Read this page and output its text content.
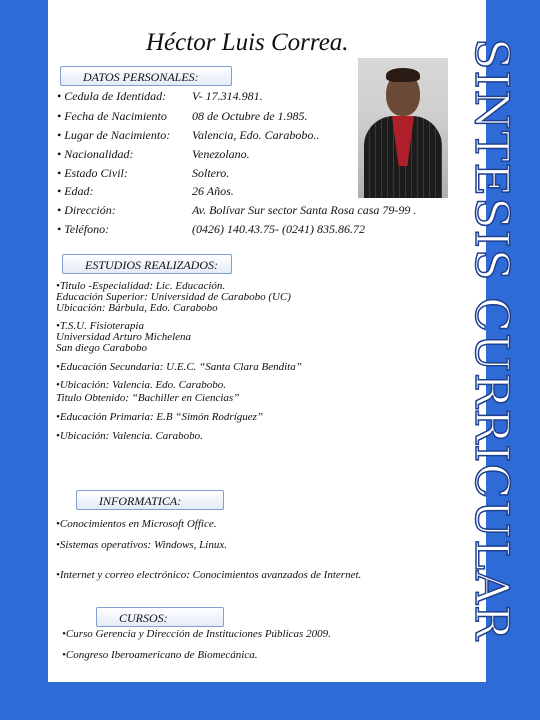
Héctor Luis Correa.	SINTESIS CURRICULAR
DATOS PERSONALES:
• Cedula de Identidad: V- 17.314.981.
• Fecha de Nacimiento 08 de Octubre de 1.985.
• Lugar de Nacimiento: Valencia, Edo. Carabobo..
• Nacionalidad:	Venezolano.
• Estado Civil:	Soltero.
• Edad:	26 Años.
• Dirección:	Av. Bolívar Sur sector Santa Rosa casa 79-99 .
• Teléfono:	(0426) 140.43.75- (0241) 835.86.72
ESTUDIOS REALIZADOS:
•Titulo -Especialidad: Lic. Educación.
Educación Superior: Universidad de Carabobo (UC)
Ubicación: Bárbula, Edo. Carabobo
•T.S.U. Fisioterapia
Universidad Arturo Michelena
San diego Carabobo
•Educación Secundaria: U.E.C. “Santa Clara Bendita”
•Ubicación: Valencia. Edo. Carabobo.
Titulo Obtenido: “Bachiller en Ciencias”
•Educación Primaria: E.B “Simón Rodríguez”
•Ubicación: Valencia. Carabobo.
INFORMATICA:
•Conocimientos en Microsoft Office.
•Sistemas operativos: Windows, Linux.
•Internet y correo electrónico: Conocimientos avanzados de Internet.
CURSOS:
•Curso Gerencia y Dirección de Instituciones Públicas 2009.
•Congreso Iberoamericano de Biomecánica.
